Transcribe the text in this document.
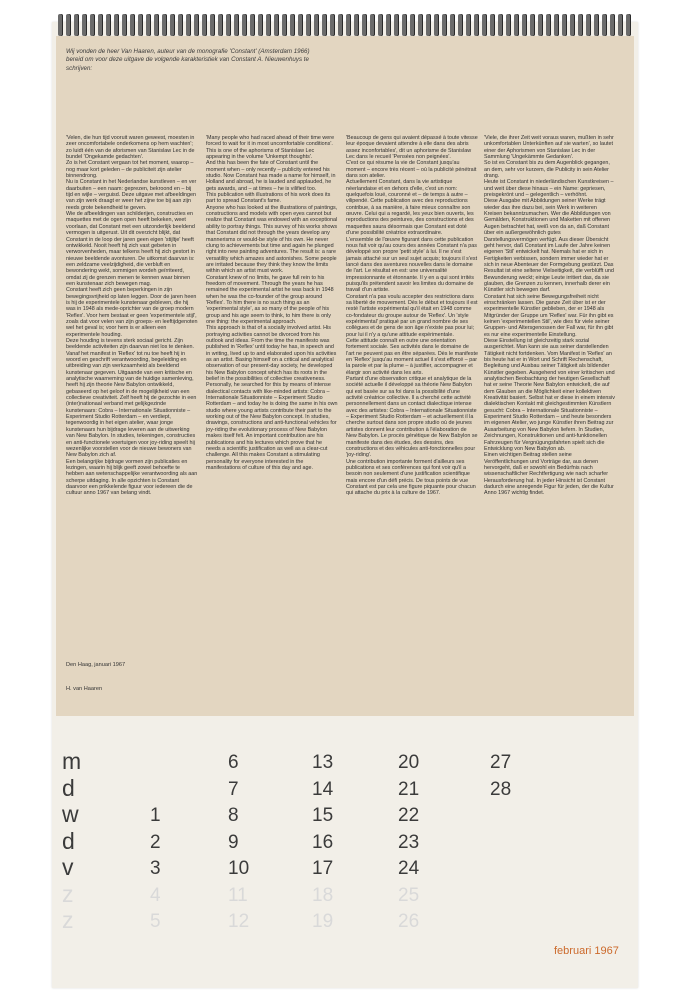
Wij vonden de heer Van Haaren, auteur van de monografie 'Constant' (Amsterdam 1966) bereid om voor deze uitgave de volgende karakteristiek van Constant A. Nieuwenhuys te schrijven:

'Velen, die hun tijd vooruit waren geweest, moesten in zeer oncomfortabele onderkomens op hem wachten'; zo luidt één van de aforismen van Stanislaw Lec in de bundel 'Ongekamde gedachten'.

Zo is het Constant vergaan tot het moment, waarop – nog maar kort geleden – de publiciteit zijn atelier binnendrong.

Nu is Constant in het Nederlandse kunstleven – en ver daarbuiten – een naam: geprezen, bekroond en – bij tijd en wijle – verguisd. Deze uitgave met afbeeldingen van zijn werk draagt er weer het zijne toe bij aan zijn reeds grote bekendheid te geven.

Wie de afbeeldingen van schilderijen, constructies en maquettes met de ogen open heeft bekeken, weet voorlaan, dat Constant met een uitzonderlijk beeldend vermogen is uitgerust. Uit dit overzicht blijkt, dat Constant in de loop der jaren geen eigen 'stijltje' heeft ontwikkeld. Nooit heeft hij zich vast gebeten in verworvenheden, maar telkens heeft hij zich gestort in nieuwe beeldende avonturen. De uitkomst daarvan is: een zeldzame veelzijdigheid, die verbluft en bewondering wekt, sommigen wordeh geïrriteerd, omdat zij de grenzen menen te kennen waar binnen een kunstenaar zich bewegen mag.

Constant heeft zich geen beperkingen in zijn bewegingsvrijheid op laten leggen. Door de jaren heen is hij de experimentele kunstenaar gebleven, die hij was in 1948 als mede-oprichter van de groep modern 'Reflex'. Voor hem bestaat er geen 'experimentele stijl', zoals dat voor velen van zijn groeps- en leeftijdgenoten wel het geval is; voor hem is er alleen een experimentele houding.

Deze houding is tevens sterk sociaal gericht. Zijn beeldende activiteiten zijn daarvan niet los te denken. Vanaf het manifest in 'Reflex' tot nu toe heeft hij in woord en geschrift verantwoording, begeleiding en uitbreiding van zijn werkzaamheid als beeldend kunstenaar gegeven. Uitgaande van een kritische en analytische waarneming van de huidige samenleving, heeft hij zijn theorie New Babylon ontwikkeld, gebaseerd op het geloof in de mogelijkheid van een collectieve creativiteit. Zelf heeft hij de gezochte in een (inter)nationaal verband met gelijkgezinde kunstenaars: Cobra – Internationale Situationniste – Experiment Studio Rotterdam – en verdiept, tegenwoordig in het eigen atelier, waar jonge kunstenaars hun bijdrage leveren aan de uitwerking van New Babylon. In studies, tekeningen, constructies en anti-functionele voertuigen voor joy-riding speelt hij wezenlijke voorstellen voor de nieuwe bewoners van New Babylon zich af.

Een belangrijke bijdrage vormen zijn publicaties en lezingen, waarin hij blijk geeft zowel behoefte te hebben aan wetenschappelijke verantwoording als aan scherpe uitdaging. In alle opzichten is Constant daarvoor een prikkelende figuur voor iedereen die de cultuur anno 1967 van belang vindt.

'Many people who had raced ahead of their time were forced to wait for it in most uncomfortable conditions'. This is one of the aphorisms of Stanislaw Lec appearing in the volume 'Unkempt thoughts'.

And this has been the fate of Constant until the moment when – only recently – publicity entered his studio. Now Constant has made a name for himself, in Holland and abroad, he is lauded and applauded, he gets awards, and – at times – he is vilified too.

This publication with illustrations of his work does its part to spread Constant's fame.

Anyone who has looked at the illustrations of paintings, constructions and models with open eyes cannot but realize that Constant was endowed with an exceptional ability to portray things. This survey of his works shows that Constant did not through the years develop any mannerisms or would-be style of his own. He never clung to achievements but time and again he plunged right into new painting adventures. The result is: a rare versatility which amazes and astonishes. Some people are irritated because they think they know the limits within which an artist must work.

Constant knew of no limits, he gave full rein to his freedom of movement. Through the years he has remained the experimental artist he was back in 1948 when he was the co-founder of the group around 'Reflex'. To him there is no such thing as an 'experimental style', as so many of the people of his group and his age seem to think, to him there is only one thing: the experimental approach.

This approach is that of a socially involved artist. His portraying activities cannot be divorced from his outlook and ideas. From the time the manifesto was published in 'Reflex' until today he has, in speech and in writing, lived up to and elaborated upon his activities as an artist. Basing himself on a critical and analytical observation of our present-day society, he developed his New Babylon concept which has its roots in the belief in the possibilities of collective creativeness. Personally, he searched for this by means of intense dialectical contacts with like-minded artists: Cobra – Internationale Situationniste – Experiment Studio Rotterdam – and today he is doing the same in his own studio where young artists contribute their part to the working out of the New Babylon concept. In studies, drawings, constructions and anti-functional vehicles for joy-riding the evolutionary process of New Babylon makes itself felt. An important contribution are his publications and his lectures which prove that he needs a scientific justification as well as a clear-cut challenge. All this makes Constant a stimulating personality for everyone interested in the manifestations of culture of this day and age.

'Beaucoup de gens qui avaient dépassé à toute vitesse leur époque devaient attendre à elle dans des abris assez inconfortables', dit un aphorisme de Stanislaw Lec dans le recueil 'Pensées non peignées'.

C'est ce qui résume la vie de Constant jusqu'au moment – encore très récent – où la publicité pénétrait dans son atelier.

Actuellement Constant, dans la vie artistique néerlandaise et en dehors d'elle, c'est un nom: quelquefois loué, couronné et – de temps à autre – vilipendé. Cette publication avec des reproductions contribue, à sa manière, à faire mieux connaître son œuvre. Celui qui a regardé, les yeux bien ouverts, les reproductions des peintures, des constructions et des maquettes saura désormais que Constant est doté d'une possibilité créatrice extraordinaire.

L'ensemble de l'œuvre figurant dans cette publication nous fait voir qu'au cours des années Constant n'a pas développé son propre 'petit style' à lui. Il ne s'est jamais attaché sur un seul sujet acquis; toujours il s'est lancé dans des aventures nouvelles dans le domaine de l'art. Le résultat en est: une universalité impressionnante et étonnante. Il y en a qui sont irrités puisqu'ils prétendent savoir les limites du domaine de travail d'un artiste.

Constant n'a pas voulu accepter des restrictions dans sa liberté de mouvement. Dès le début et toujours il est resté l'artiste expérimental qu'il était en 1948 comme co-fondateur du groupe autour de 'Reflex'. Un 'style expérimental' pratiqué par un grand nombre de ses collègues et de gens de son âge n'existe pas pour lui; pour lui il n'y a qu'une attitude expérimentale.

Cette attitude connaît en outre une orientation fortement sociale. Ses activités dans le domaine de l'art ne peuvent pas en être séparées. Dès le manifeste en 'Reflex' jusqu'au moment actuel il s'est efforcé – par la parole et par la plume – à justifier, accompagner et élargir son activité dans les arts.

Partant d'une observation critique et analytique de la société actuelle il développé sa théorie New Babylon qui est basée sur sa foi dans la possibilité d'une activité créatrice collective. Il a cherché cette activité personnellement dans un contact dialectique intense avec des artistes: Cobra – Internationale Situationniste – Experiment Studio Rotterdam – et actuellement il la cherche surtout dans son propre studio où de jeunes artistes donnent leur contribution à l'élaboration de New Babylon. Le procès génétique de New Babylon se manifeste dans des études, des dessins, des constructions et des véhicules anti-fonctionnelles pour 'joy-riding'.

Une contribution importante forment d'ailleurs ses publications et ses conférences qui font voir qu'il a besoin non seulement d'une justification scientifique mais encore d'un défi précis. De tous points de vue Constant est par cela une figure piquante pour chacun qui attache du prix à la culture de 1967.

'Viele, die ihrer Zeit weit voraus waren, mußten in sehr unkomfortablen Unterkünften auf sie warten', so lautet einer der Aphorismen von Stanislaw Lec in der Sammlung 'Ungekämmte Gedanken'.

So ist es Constant bis zu dem Augenblick gegangen, an dem, sehr vor kurzem, die Publicity in sein Atelier drang.

Heute ist Constant in niederländischen Kunstkreisen – und weit über diese hinaus – ein Name: gepriesen, preisgekrönt und – gelegentlich – verhöhnt.

Diese Ausgabe mit Abbildungen seiner Werke trägt wieder das ihre dazu bei, sein Werk in weiteren Kreisen bekanntzumachen. Wer die Abbildungen von Gemälden, Konstruktionen und Maketten mit offenen Augen betrachtet hat, weiß von da an, daß Constant über ein außergewöhnlich gutes Darstellungsvermögen verfügt. Aus dieser Übersicht geht hervor, daß Constant im Laufe der Jahre keinen eigenen 'Stil' entwickelt hat. Niemals hat er sich in Fertigkeiten verbissen, sondern immer wieder hat er sich in neue Abenteuer der Formgebung gestürzt. Das Resultat ist eine seltene Vielseitigkeit, die verblüfft und Bewunderung weckt; einige Leute irritiert das, da sie glauben, die Grenzen zu kennen, innerhalb derer ein Künstler sich bewegen darf.

Constant hat sich seine Bewegungsfreiheit nicht einschränken lassen. Die ganze Zeit über ist er der experimentelle Künstler geblieben, der er 1948 als Mitgründer der Gruppe um 'Reflex' war. Für ihn gibt es keinen 'experimentellen Stil', wie dies für viele seiner Gruppen- und Altersgenossen der Fall war, für ihn gibt es nur eine experimentelle Einstellung.

Diese Einstellung ist gleichzeitig stark sozial ausgerichtet. Man kann sie aus seiner darstellenden Tätigkeit nicht fortdenken. Vom Manifest in 'Reflex' an bis heute hat er in Wort und Schrift Rechenschaft, Begleitung und Ausbau seiner Tätigkeit als bildender Künstler gegeben. Ausgehend von einer kritischen und analytischen Beobachtung der heutigen Gesellschaft hat er seine Theorie New Babylon entwickelt, die auf dem Glauben an die Möglichkeit einer kollektiven Kreativität basiert. Selbst hat er diese in einem intensiv dialektischen Kontakt mit gleichgestimmten Künstlern gesucht: Cobra – Internationale Situationniste – Experiment Studio Rotterdam – und heute besonders im eigenen Atelier, wo junge Künstler ihren Beitrag zur Ausarbeitung von New Babylon liefern. In Studien, Zeichnungen, Konstruktionen und anti-funktionellen Fahrzeugen für Vergnügungsfahrten spielt sich die Entwicklung von New Babylon ab.

Einen wichtigen Beitrag stellen seine Veröffentlichungen und Vorträge dar, aus denen hervorgeht, daß er sowohl ein Bedürfnis nach wissenschaftlicher Rechtfertigung wie nach scharfer Herausforderung hat. In jeder Hinsicht ist Constant dadurch eine anregende Figur für jeden, der die Kultur Anno 1967 wichtig findet.

Den Haag, januari 1967
H. van Haaren
m
d
w
d
v
z
z
1
2
3
4
5
6
7
8
9
10
11
12
13
14
15
16
17
18
19
20
21
22
23
24
25
26
27
28
februari 1967
